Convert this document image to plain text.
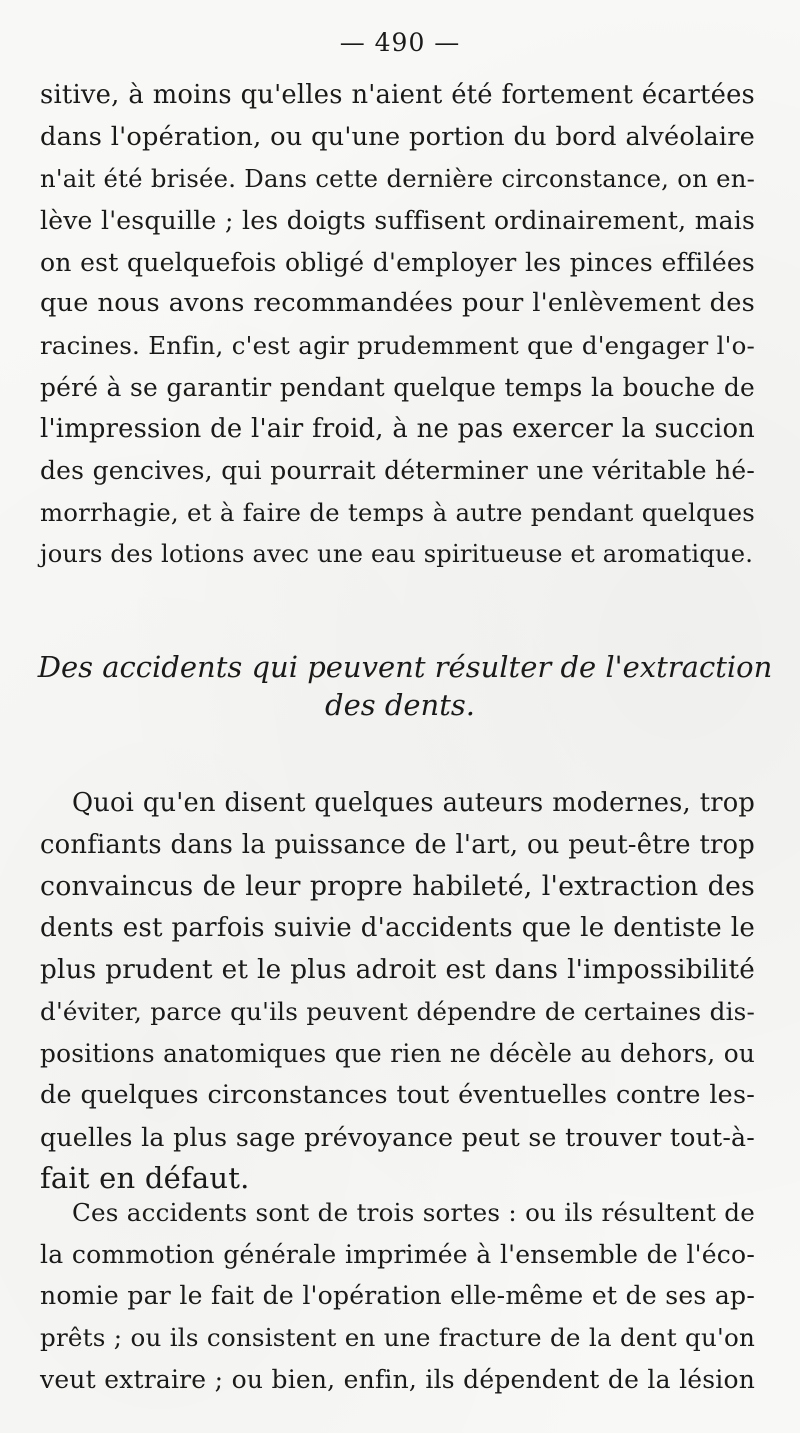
— 490 —
sitive, à moins qu'elles n'aient été fortement écartées
dans l'opération, ou qu'une portion du bord alvéolaire
n'ait été brisée. Dans cette dernière circonstance, on en-
lève l'esquille ; les doigts suffisent ordinairement, mais
on est quelquefois obligé d'employer les pinces effilées
que nous avons recommandées pour l'enlèvement des
racines. Enfin, c'est agir prudemment que d'engager l'o-
péré à se garantir pendant quelque temps la bouche de
l'impression de l'air froid, à ne pas exercer la succion
des gencives, qui pourrait déterminer une véritable hé-
morrhagie, et à faire de temps à autre pendant quelques
jours des lotions avec une eau spiritueuse et aromatique.
Des accidents qui peuvent résulter de l'extraction
des dents.
Quoi qu'en disent quelques auteurs modernes, trop
confiants dans la puissance de l'art, ou peut-être trop
convaincus de leur propre habileté, l'extraction des
dents est parfois suivie d'accidents que le dentiste le
plus prudent et le plus adroit est dans l'impossibilité
d'éviter, parce qu'ils peuvent dépendre de certaines dis-
positions anatomiques que rien ne décèle au dehors, ou
de quelques circonstances tout éventuelles contre les-
quelles la plus sage prévoyance peut se trouver tout-à-
fait en défaut.
Ces accidents sont de trois sortes : ou ils résultent de
la commotion générale imprimée à l'ensemble de l'éco-
nomie par le fait de l'opération elle-même et de ses ap-
prêts ; ou ils consistent en une fracture de la dent qu'on
veut extraire ; ou bien, enfin, ils dépendent de la lésion
